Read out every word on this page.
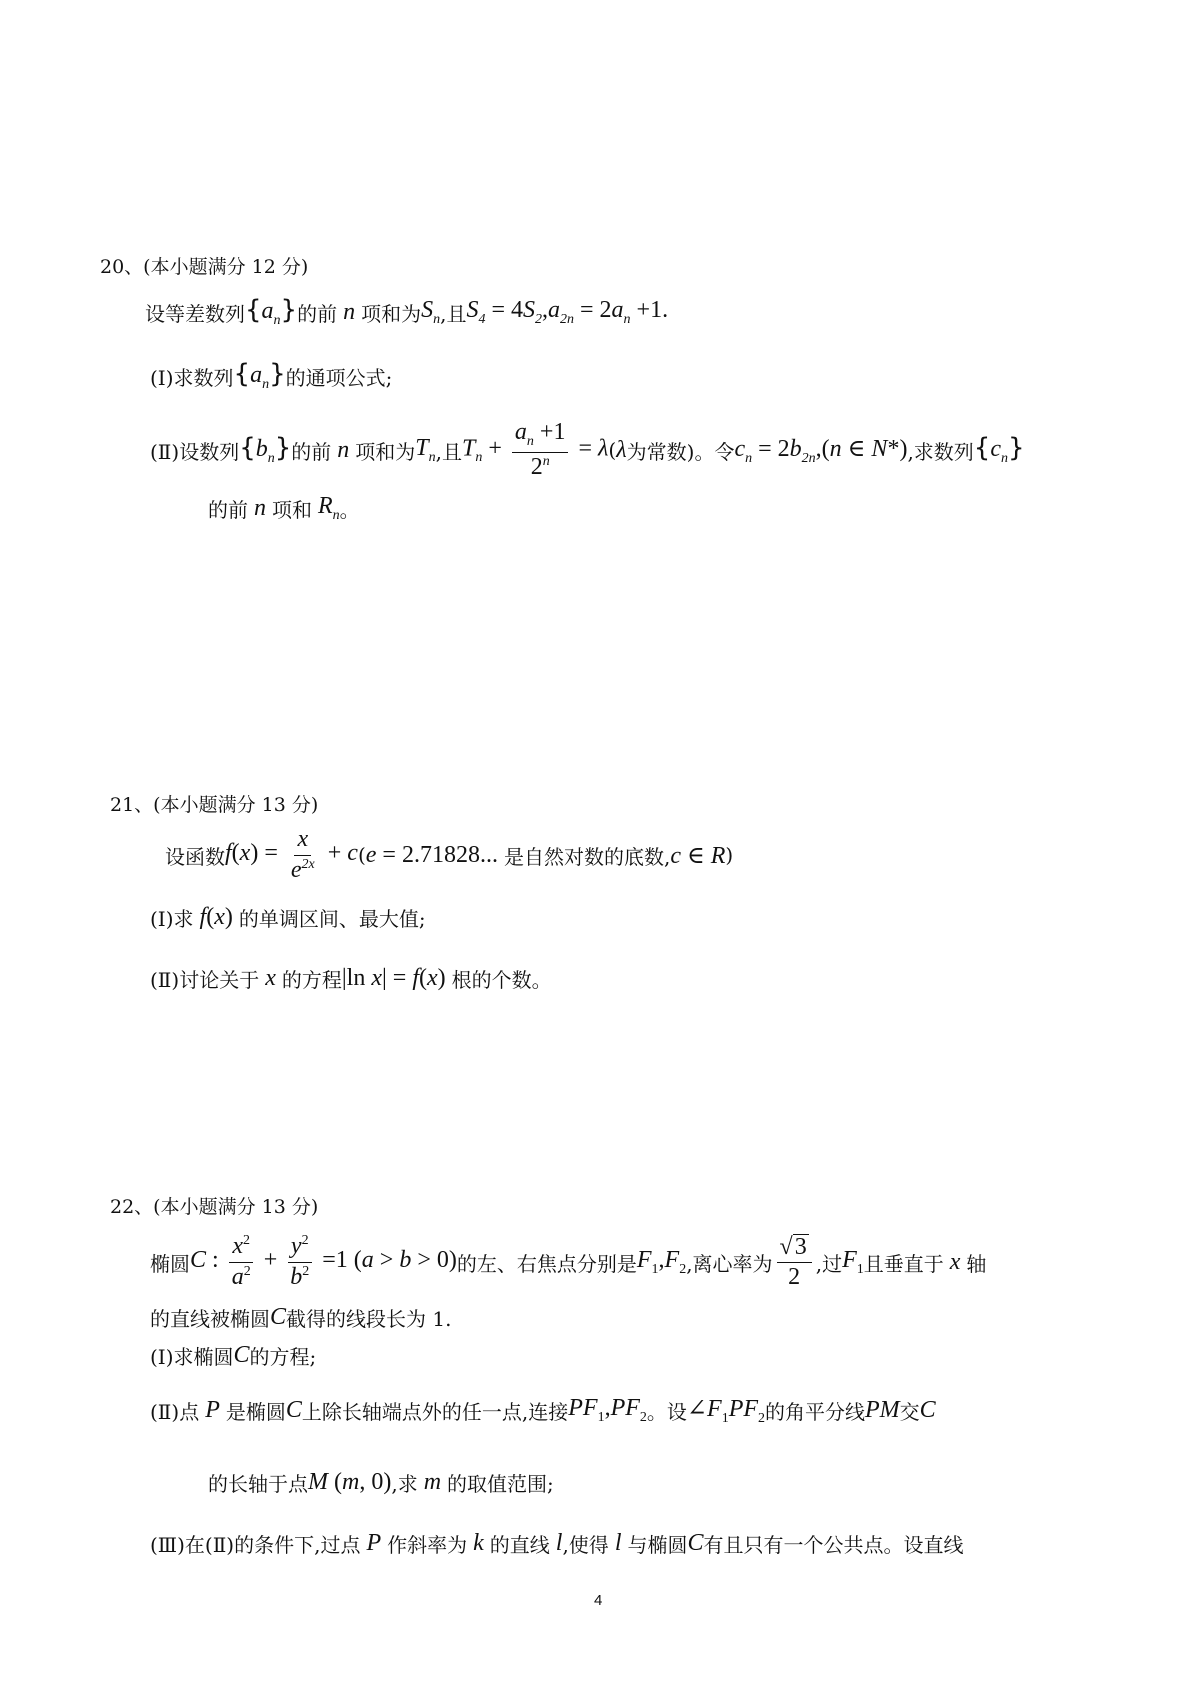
20、(本小题满分 12 分)
设等差数列 $\{a_n\}$ 的前 n 项和为 $S_n$ ,且 $S_4 = 4S_2,a_{2n} = 2a_n +1$.
(Ⅰ)求数列 $\{a_n\}$ 的通项公式;
(Ⅱ)设数列 $\{b_n\}$ 的前 n 项和为 $T_n$ ,且 $T_n + \frac{a_n +1}{2^n} = \lambda$ ( λ 为常数)。令 $c_n = 2b_{2n},(n$ ∈ N*) ,求数列 $\{c_n\}$
的前 n 项和 $R_n$ 。
21、(本小题满分 13 分)
设函数 $f(x) = \frac{x}{e^{2x}} + c$ ( e = 2.71828... 是自然对数的底数, c ∈ R )
(Ⅰ)求 f(x) 的单调区间、最大值;
(Ⅱ)讨论关于 x 的方程 |ln x| = f(x) 根的个数。
22、(本小题满分 13 分)
椭圆 C : $\frac{x^2}{a^2} + \frac{y^2}{b^2} =1$ (a > b > 0) 的左、右焦点分别是 $F_1,F_2$ ,离心率为 $\frac{√3}{2}$ ,过 $F_1$ 且垂直于 x 轴
的直线被椭圆 C 截得的线段长为 1.
(Ⅰ)求椭圆 C 的方程;
(Ⅱ)点 P 是椭圆 C 上除长轴端点外的任一点,连接 $PF_1,PF_2$ 。设 $\angle F_1PF_2$ 的角平分线 PM 交 C
的长轴于点 M (m, 0) ,求 m 的取值范围;
(Ⅲ)在(Ⅱ)的条件下,过点 P 作斜率为 k 的直线 l ,使得 l 与椭圆 C 有且只有一个公共点。设直线
4
